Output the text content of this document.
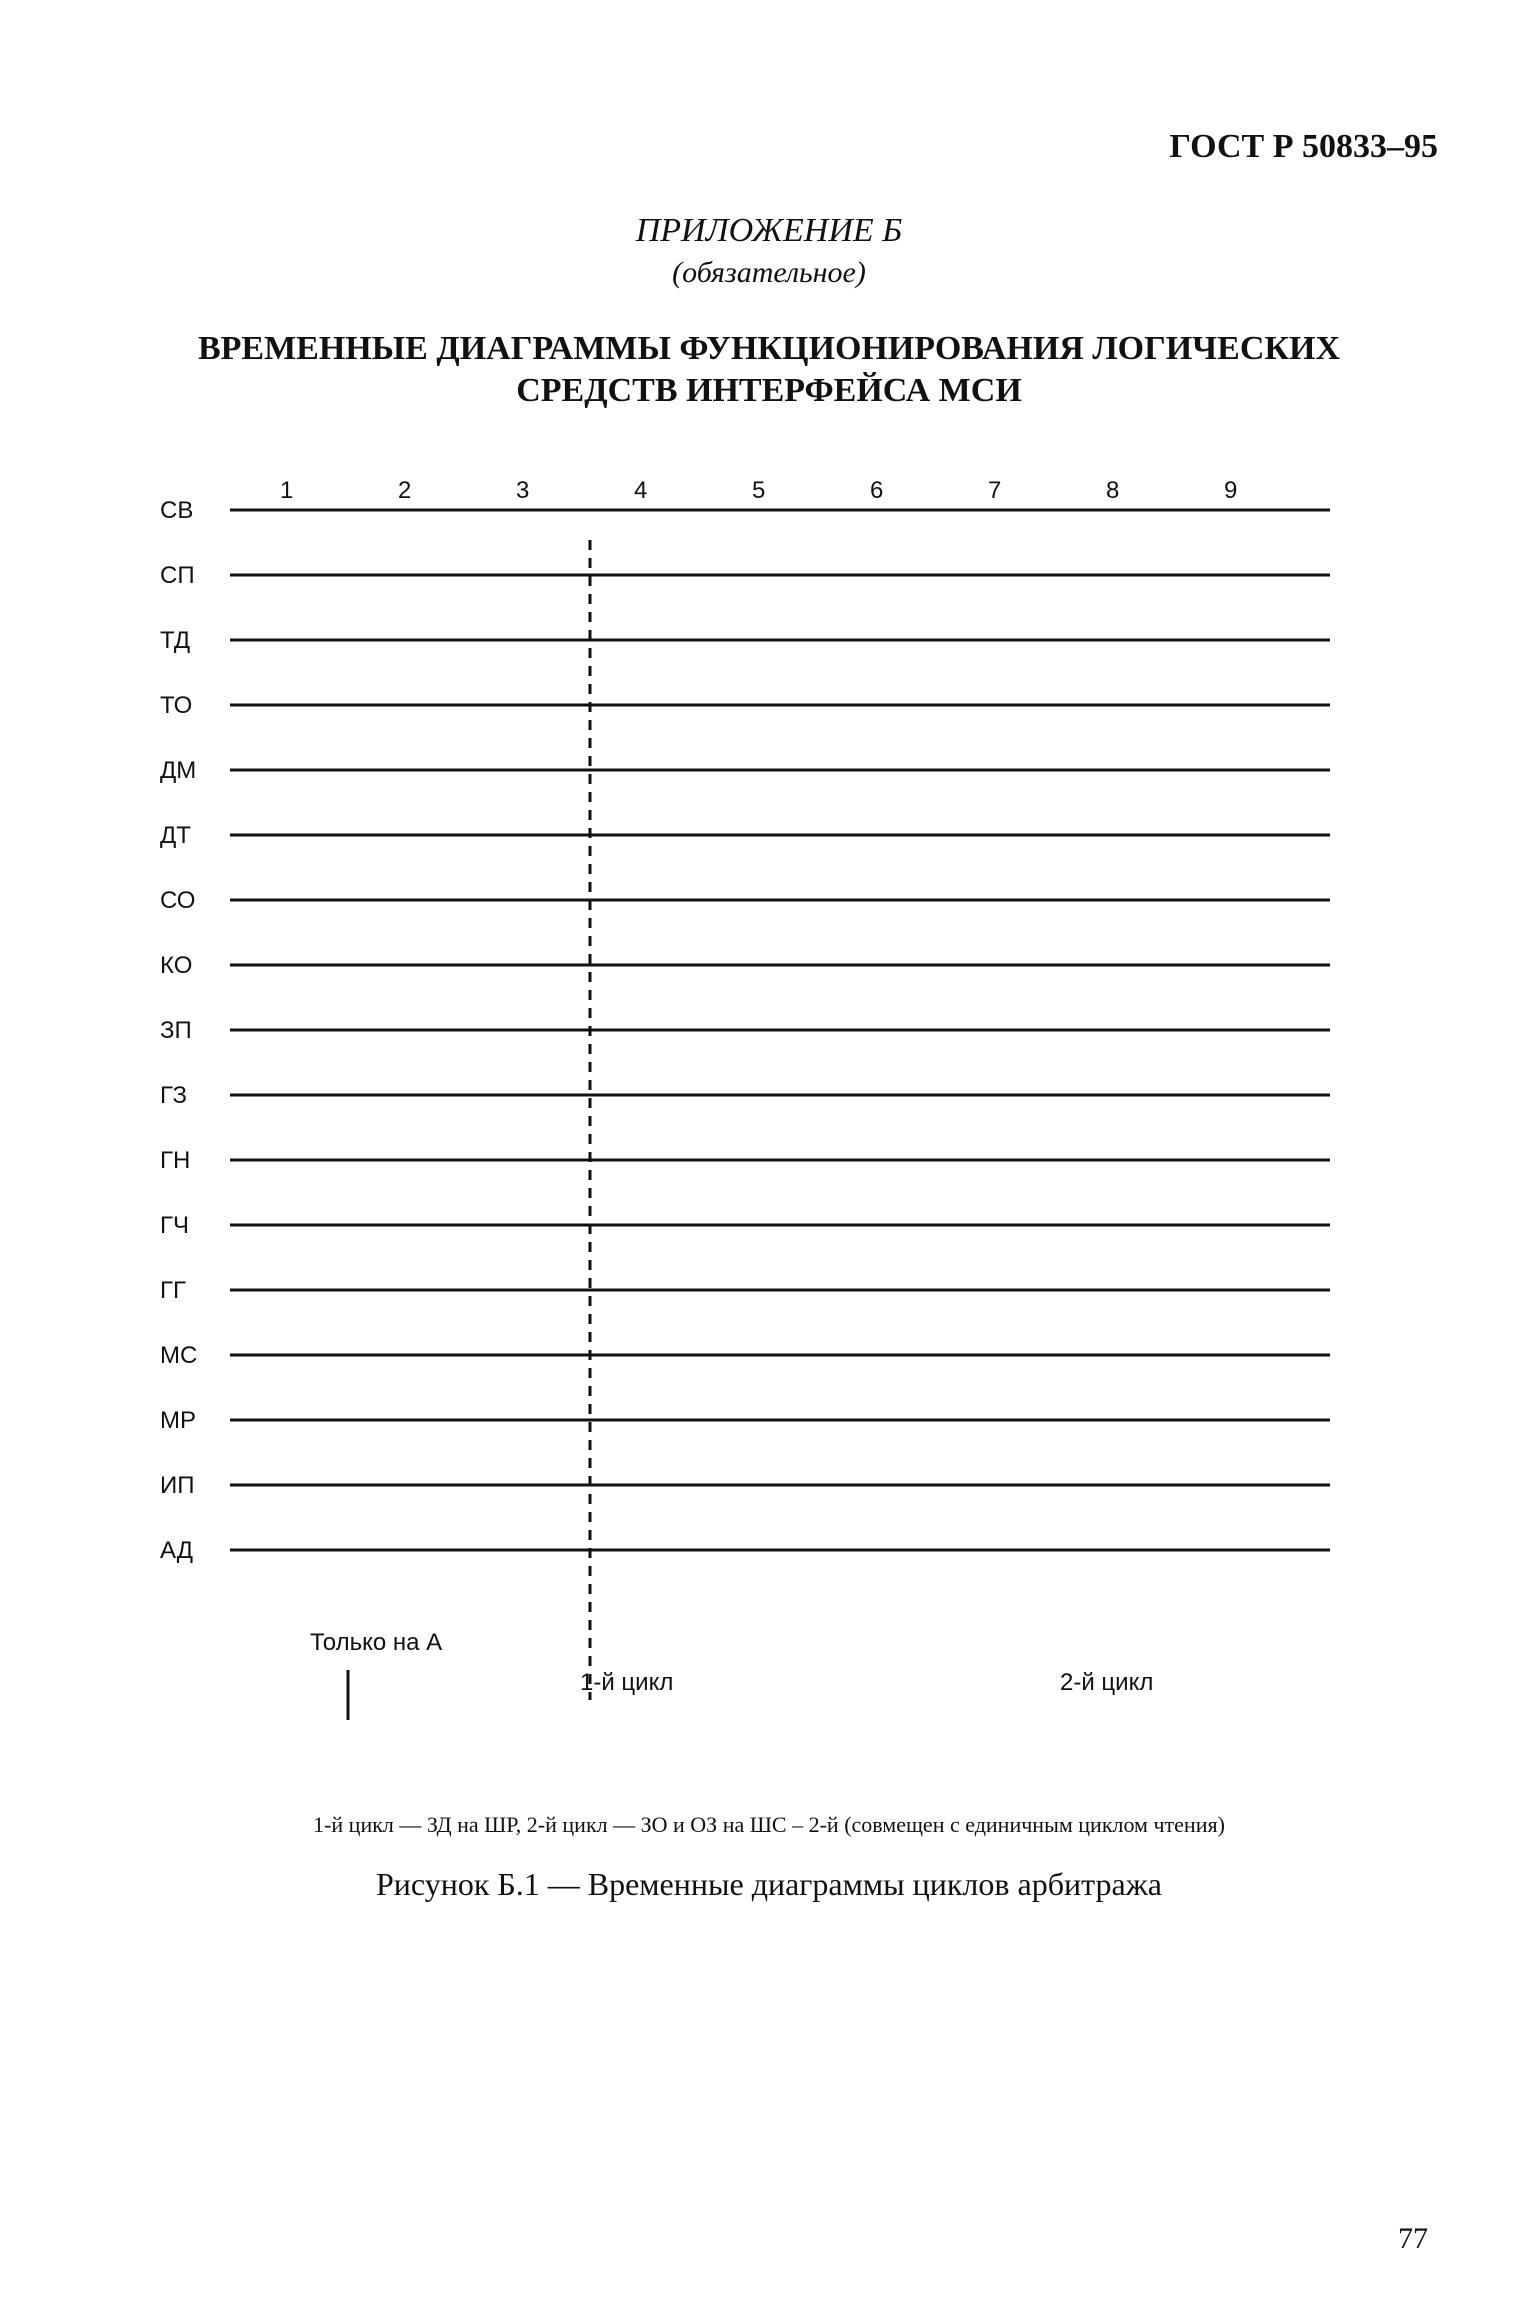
ГОСТ Р 50833–95
ПРИЛОЖЕНИЕ Б
(обязательное)
ВРЕМЕННЫЕ ДИАГРАММЫ ФУНКЦИОНИРОВАНИЯ ЛОГИЧЕСКИХ
СРЕДСТВ ИНТЕРФЕЙСА МСИ
1-й цикл	2-й цикл
Только на А
СВ
СП
ТД
ТО
ДМ
ДТ
СО
КО
ЗП
ГЗ
ГН
ГЧ
ГГ
МС
МР
ИП
АД
1	2	3	4	5	6	7	8	9
1-й цикл — ЗД на ШР, 2-й цикл — ЗО и ОЗ на ШС – 2-й (совмещен с единичным циклом чтения)
Рисунок Б.1 — Временные диаграммы циклов арбитража
77
